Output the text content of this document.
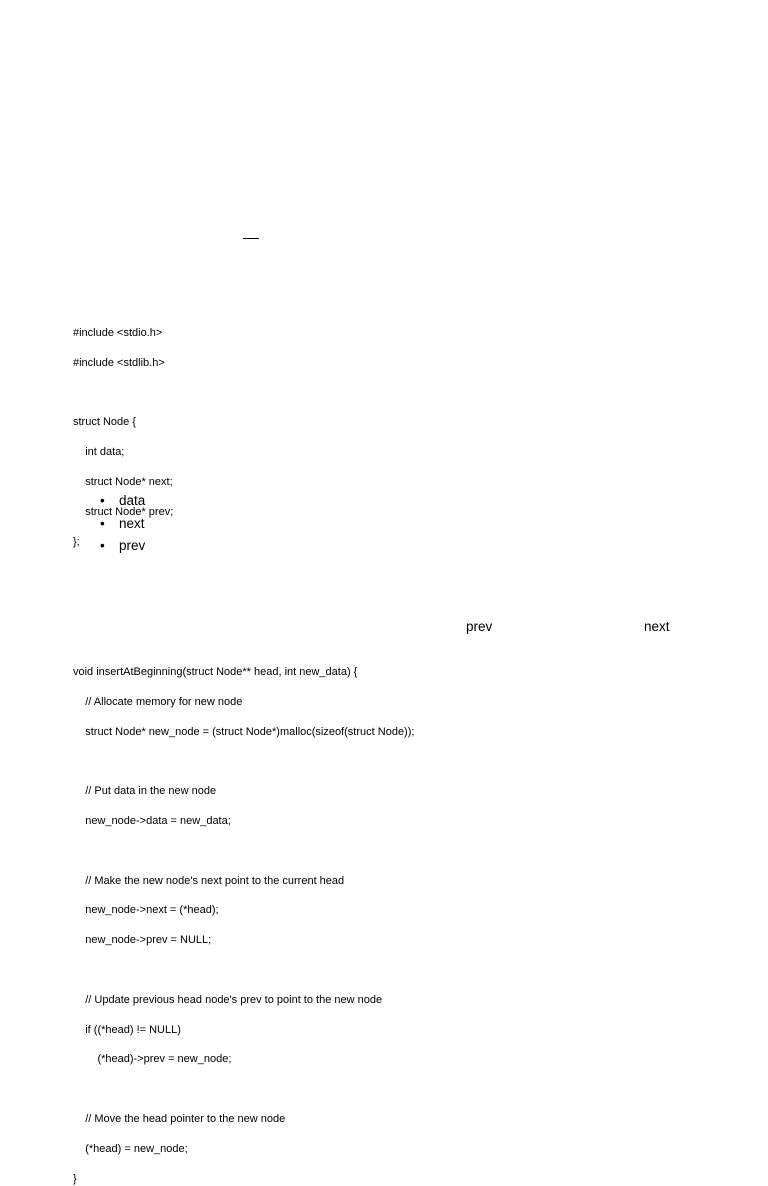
#include <stdio.h>

#include <stdlib.h>

struct Node {

int data;

struct Node* next;

struct Node* prev;

};
• data
• next
• prev
prev	next
void insertAtBeginning(struct Node** head, int new_data) {

// Allocate memory for new node

struct Node* new_node = (struct Node*)malloc(sizeof(struct Node));

// Put data in the new node

new_node->data = new_data;

// Make the new node's next point to the current head

new_node->next = (*head);

new_node->prev = NULL;

// Update previous head node's prev to point to the new node

if ((*head) != NULL)

(*head)->prev = new_node;

// Move the head pointer to the new node

(*head) = new_node;

}
